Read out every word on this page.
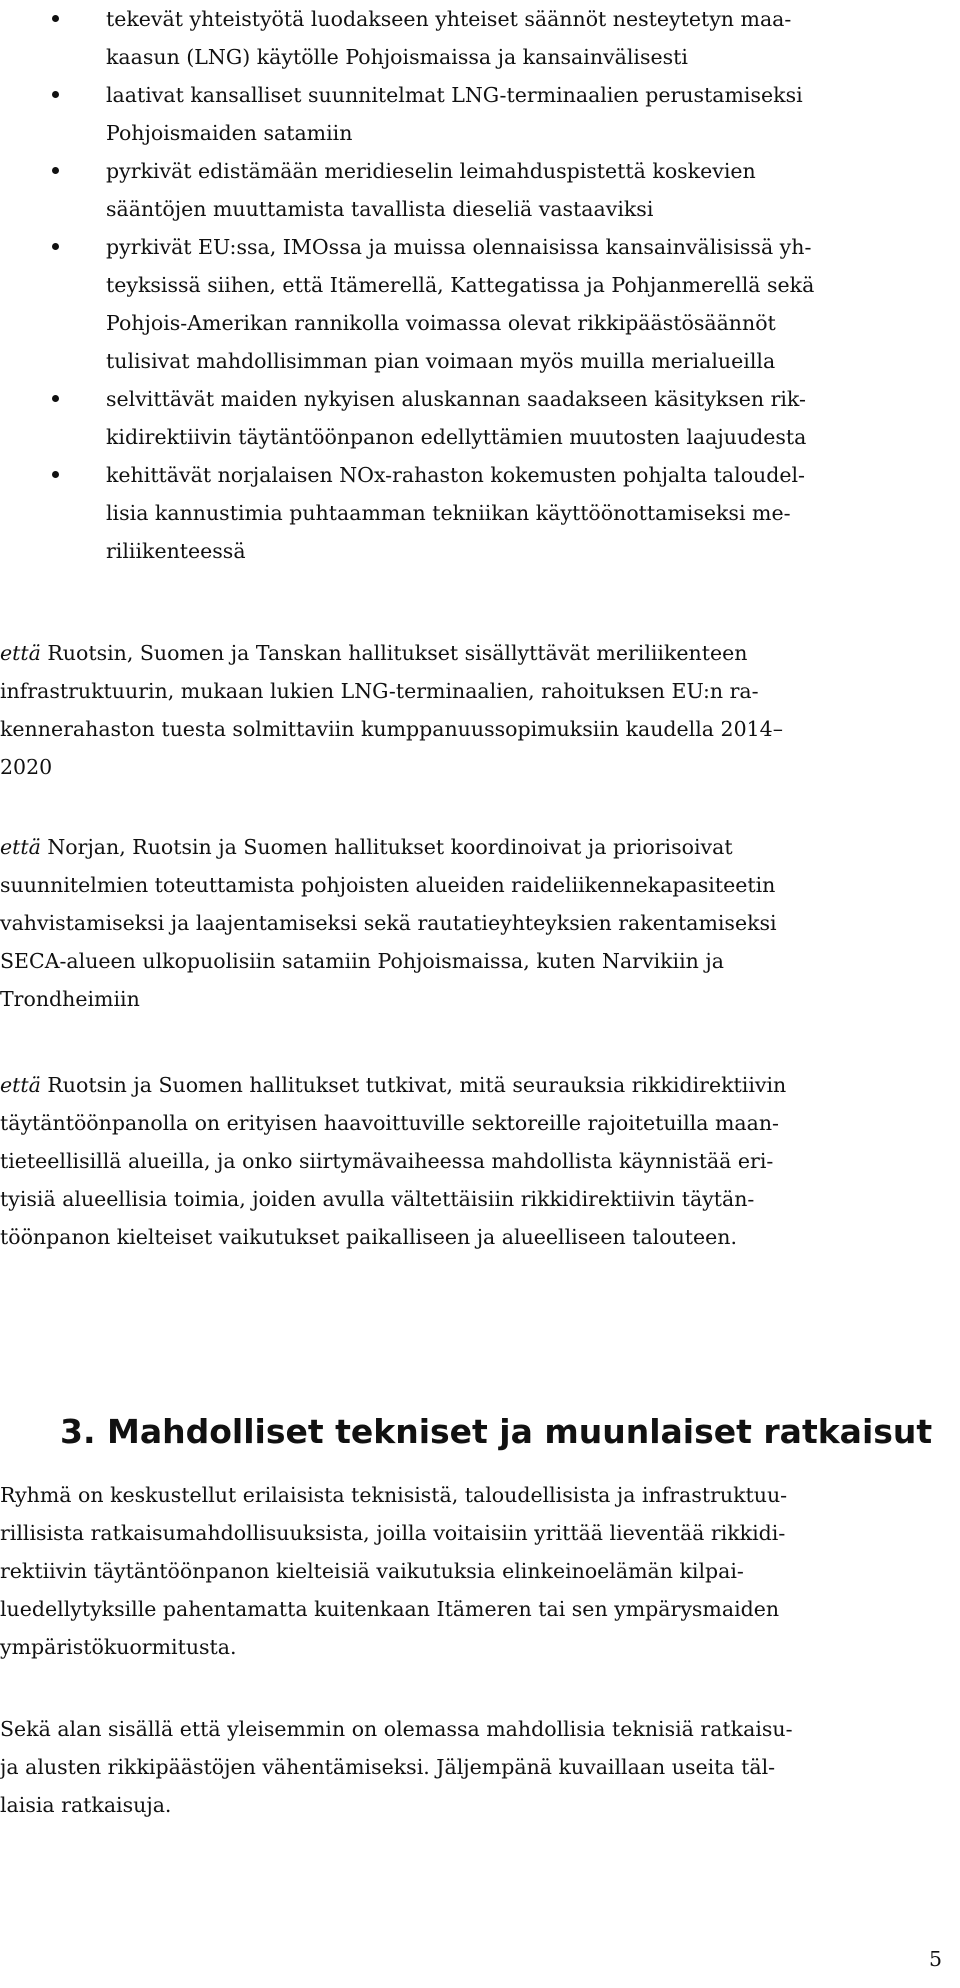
tekevät yhteistyötä luodakseen yhteiset säännöt nesteytetyn maa-
kaasun (LNG) käytölle Pohjoismaissa ja kansainvälisesti
laativat kansalliset suunnitelmat LNG-terminaalien perustamiseksi
Pohjoismaiden satamiin
pyrkivät edistämään meridieselin leimahduspistettä koskevien
sääntöjen muuttamista tavallista dieseliä vastaaviksi
pyrkivät EU:ssa, IMOssa ja muissa olennaisissa kansainvälisissä yh-
teyksissä siihen, että Itämerellä, Kattegatissa ja Pohjanmerellä sekä
Pohjois-Amerikan rannikolla voimassa olevat rikkipäästösäännöt
tulisivat mahdollisimman pian voimaan myös muilla merialueilla
selvittävät maiden nykyisen aluskannan saadakseen käsityksen rik-
kidirektiivin täytäntöönpanon edellyttämien muutosten laajuudesta
kehittävät norjalaisen NOx-rahaston kokemusten pohjalta taloudel-
lisia kannustimia puhtaamman tekniikan käyttöönottamiseksi me-
riliikenteessä
että Ruotsin, Suomen ja Tanskan hallitukset sisällyttävät meriliikenteen
infrastruktuurin, mukaan lukien LNG-terminaalien, rahoituksen EU:n ra-
kennerahaston tuesta solmittaviin kumppanuussopimuksiin kaudella 2014–
2020
että Norjan, Ruotsin ja Suomen hallitukset koordinoivat ja priorisoivat
suunnitelmien toteuttamista pohjoisten alueiden raideliikennekapasiteetin
vahvistamiseksi ja laajentamiseksi sekä rautatieyhteyksien rakentamiseksi
SECA-alueen ulkopuolisiin satamiin Pohjoismaissa, kuten Narvikiin ja
Trondheimiin
että Ruotsin ja Suomen hallitukset tutkivat, mitä seurauksia rikkidirektiivin
täytäntöönpanolla on erityisen haavoittuville sektoreille rajoitetuilla maan-
tieteellisillä alueilla, ja onko siirtymävaiheessa mahdollista käynnistää eri-
tyisiä alueellisia toimia, joiden avulla vältettäisiin rikkidirektiivin täytän-
töönpanon kielteiset vaikutukset paikalliseen ja alueelliseen talouteen.
3. Mahdolliset tekniset ja muunlaiset ratkaisut
Ryhmä on keskustellut erilaisista teknisistä, taloudellisista ja infrastruktuu-
rillisista ratkaisumahdollisuuksista, joilla voitaisiin yrittää lieventää rikkidi-
rektiivin täytäntöönpanon kielteisiä vaikutuksia elinkeinoelämän kilpai-
luedellytyksille pahentamatta kuitenkaan Itämeren tai sen ympärysmaiden
ympäristökuormitusta.
Sekä alan sisällä että yleisemmin on olemassa mahdollisia teknisiä ratkaisu-
ja alusten rikkipäästöjen vähentämiseksi. Jäljempänä kuvaillaan useita täl-
laisia ratkaisuja.
5
